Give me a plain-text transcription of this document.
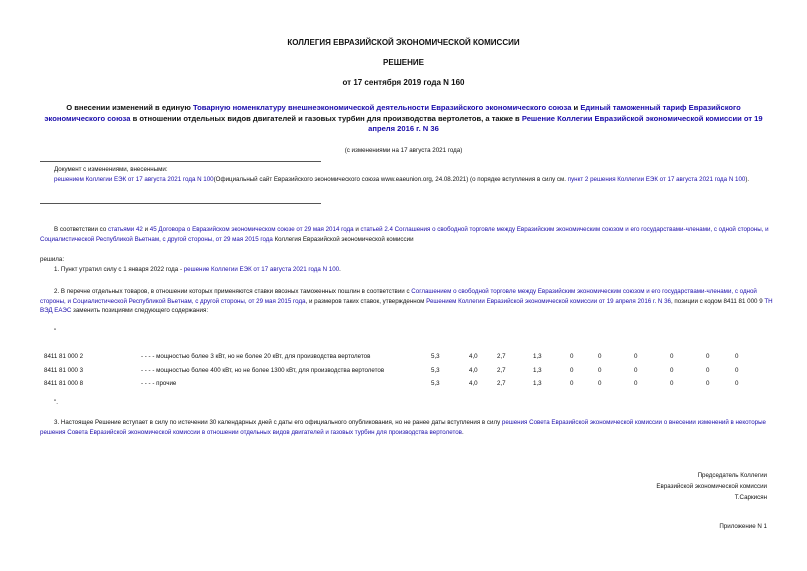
КОЛЛЕГИЯ ЕВРАЗИЙСКОЙ ЭКОНОМИЧЕСКОЙ КОМИССИИ
РЕШЕНИЕ
от 17 сентября 2019 года N 160
О внесении изменений в единую Товарную номенклатуру внешнеэкономической деятельности Евразийского экономического союза и Единый таможенный тариф Евразийского экономического союза в отношении отдельных видов двигателей и газовых турбин для производства вертолетов, а также в Решение Коллегии Евразийской экономической комиссии от 19 апреля 2016 г. N 36
(с изменениями на 17 августа 2021 года)
Документ с изменениями, внесенными:
решением Коллегии ЕЭК от 17 августа 2021 года N 100(Официальный сайт Евразийского экономического союза www.eaeunion.org, 24.08.2021) (о порядке вступления в силу см. пункт 2 решения Коллегии ЕЭК от 17 августа 2021 года N 100).
В соответствии со статьями 42 и 45 Договора о Евразийском экономическом союзе от 29 мая 2014 года и статьей 2.4 Соглашения о свободной торговле между Евразийским экономическим союзом и его государствами-членами, с одной стороны, и Социалистической Республикой Вьетнам, с другой стороны, от 29 мая 2015 года Коллегия Евразийской экономической комиссии
решила:
1. Пункт утратил силу с 1 января 2022 года - решение Коллегии ЕЭК от 17 августа 2021 года N 100.
2. В перечне отдельных товаров, в отношении которых применяются ставки ввозных таможенных пошлин в соответствии с Соглашением о свободной торговле между Евразийским экономическим союзом и его государствами-членами, с одной стороны, и Социалистической Республикой Вьетнам, с другой стороны, от 29 мая 2015 года, и размеров таких ставок, утвержденном Решением Коллегии Евразийской экономической комиссии от 19 апреля 2016 г. N 36, позиции с кодом 8411 81 000 9 ТН ВЭД ЕАЭС заменить позициями следующего содержания:
"
8411 81 000 2	- - - - мощностью более 3 кВт, но не более 20 кВт, для производства вертолетов	5,3	4,0	2,7	1,3	0	0	0	0	0	0
8411 81 000 3	- - - - мощностью более 400 кВт, но не более 1300 кВт, для производства вертолетов	5,3	4,0	2,7	1,3	0	0	0	0	0	0
8411 81 000 8	- - - - прочие	5,3	4,0	2,7	1,3	0	0	0	0	0	0
".
3. Настоящее Решение вступает в силу по истечении 30 календарных дней с даты его официального опубликования, но не ранее даты вступления в силу решения Совета Евразийской экономической комиссии о внесении изменений в некоторые решения Совета Евразийской экономической комиссии в отношении отдельных видов двигателей и газовых турбин для производства вертолетов.
Председатель Коллегии
Евразийской экономической комиссии
Т.Саркисян
Приложение N 1
